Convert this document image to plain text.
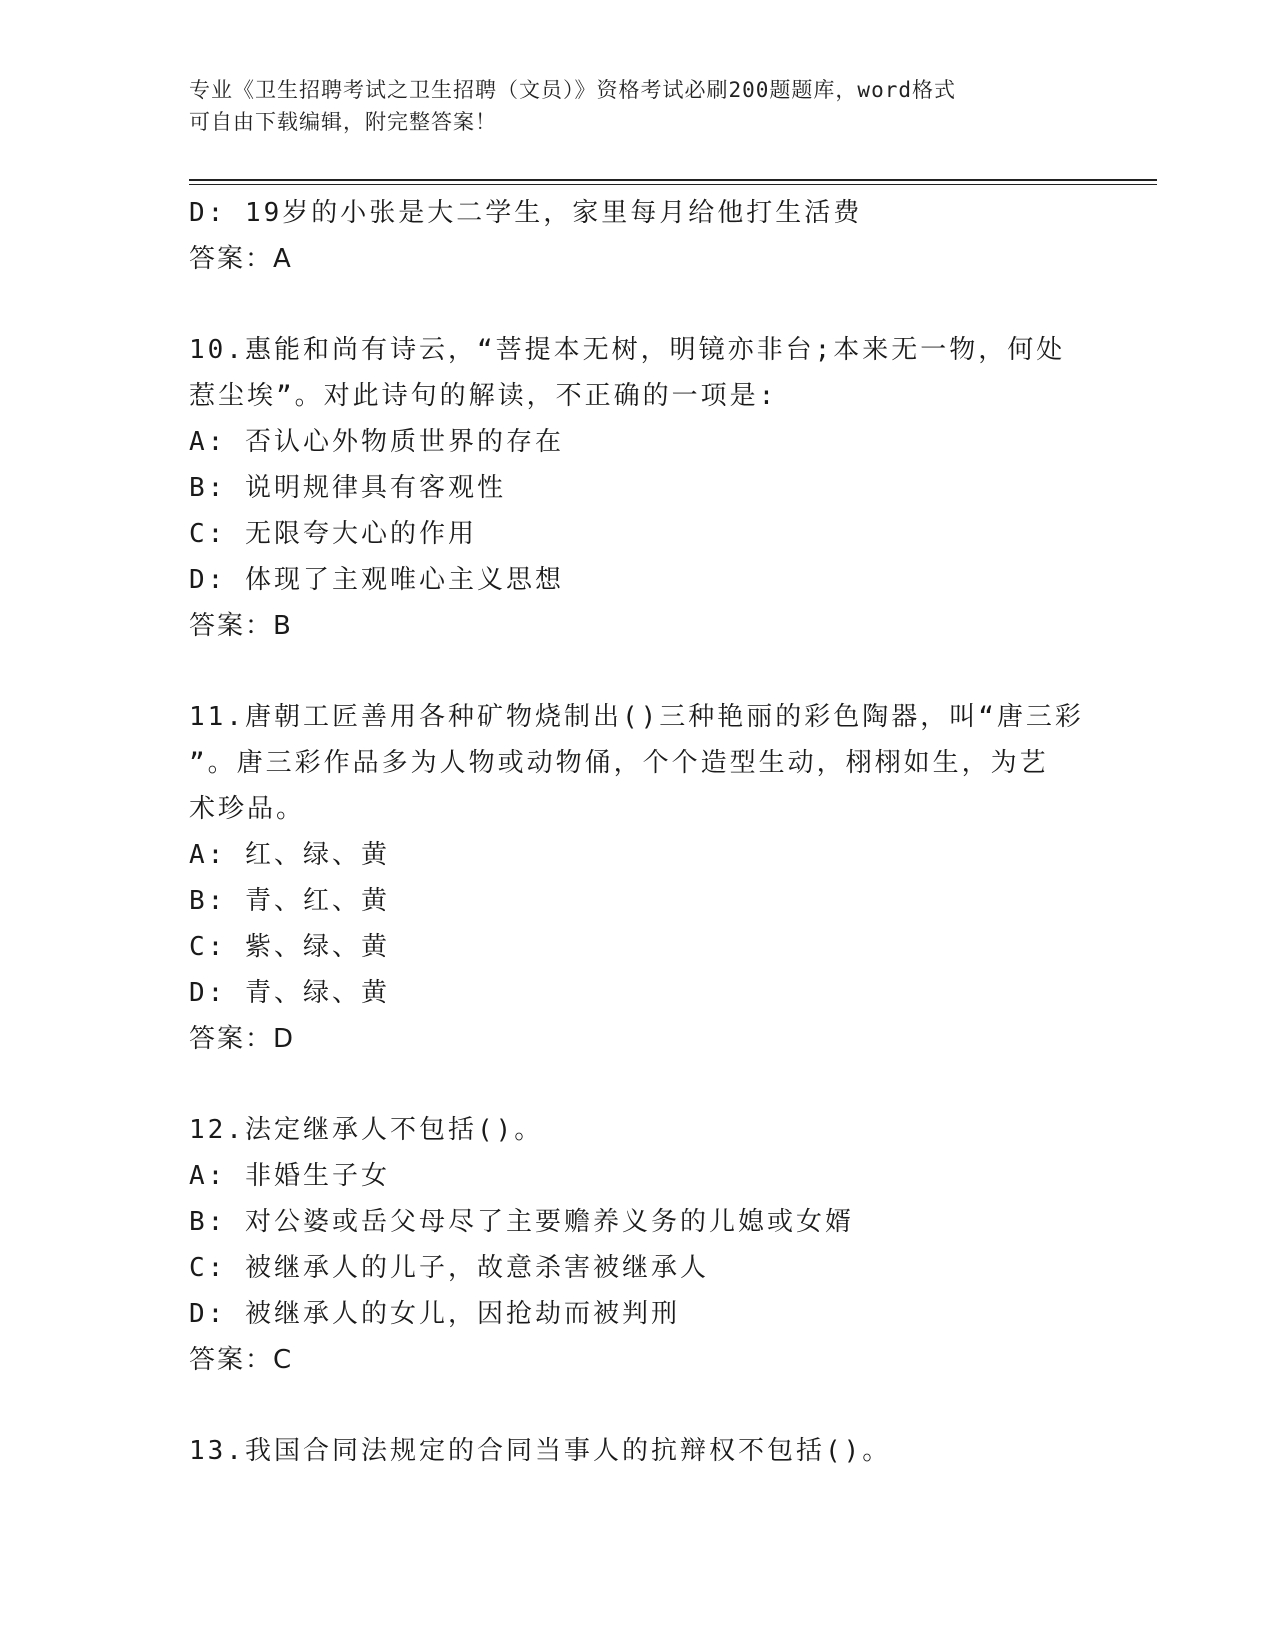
专业《卫生招聘考试之卫生招聘（文员）》资格考试必刷200题题库，word格式
可自由下载编辑，附完整答案！
D: 19岁的小张是大二学生，家里每月给他打生活费
答案：A
10.惠能和尚有诗云，“菩提本无树，明镜亦非台;本来无一物，何处
惹尘埃”。对此诗句的解读，不正确的一项是:
A: 否认心外物质世界的存在
B: 说明规律具有客观性
C: 无限夸大心的作用
D: 体现了主观唯心主义思想
答案：B
11.唐朝工匠善用各种矿物烧制出()三种艳丽的彩色陶器，叫“唐三彩
”。唐三彩作品多为人物或动物俑，个个造型生动，栩栩如生，为艺
术珍品。
A: 红、绿、黄
B: 青、红、黄
C: 紫、绿、黄
D: 青、绿、黄
答案：D
12.法定继承人不包括()。
A: 非婚生子女
B: 对公婆或岳父母尽了主要赡养义务的儿媳或女婿
C: 被继承人的儿子，故意杀害被继承人
D: 被继承人的女儿，因抢劫而被判刑
答案：C
13.我国合同法规定的合同当事人的抗辩权不包括()。
